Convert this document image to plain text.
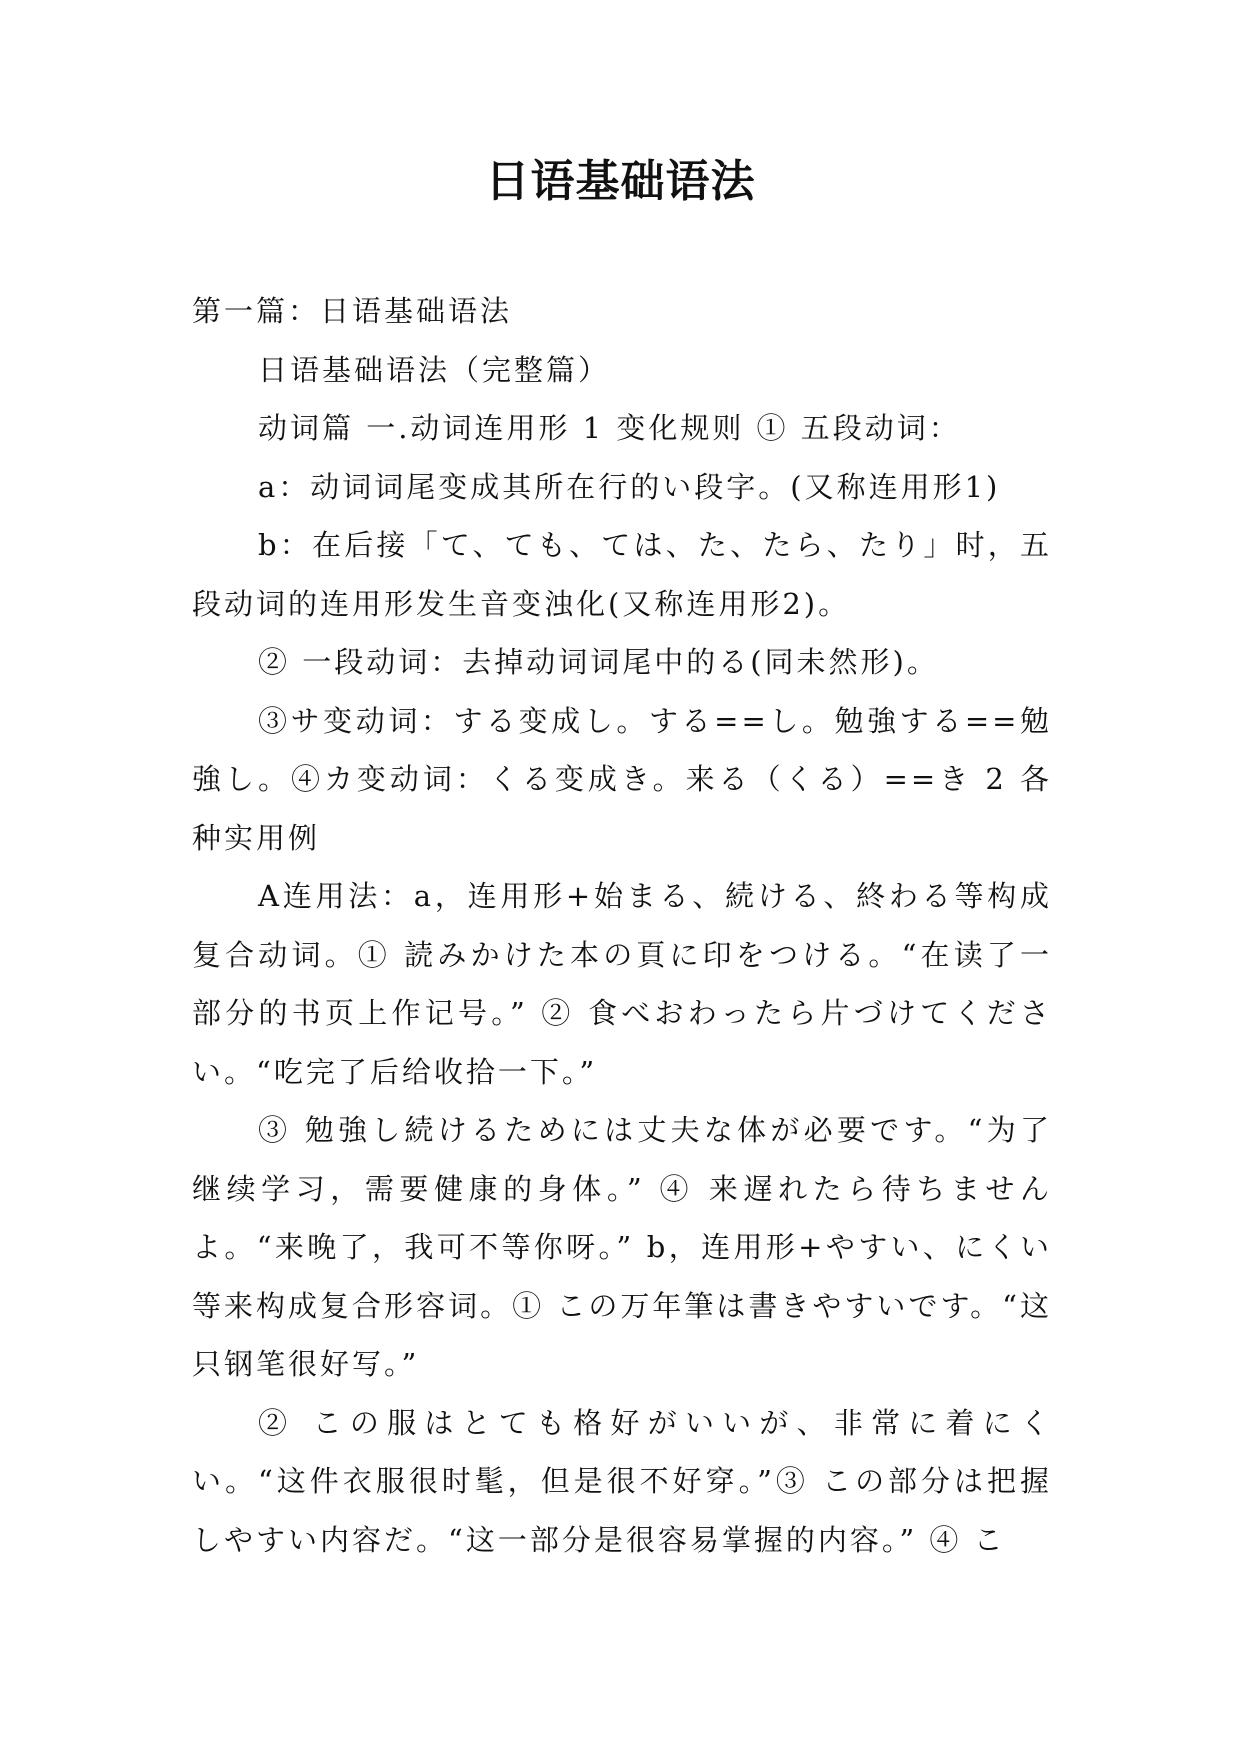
日语基础语法

第一篇：日语基础语法

日语基础语法（完整篇）

动词篇 一.动词连用形 1 变化规则 ① 五段动词：

a：动词词尾变成其所在行的い段字。(又称连用形1)

b：在后接「て、ても、ては、た、たら、たり」时，五段动词的连用形发生音变浊化(又称连用形2)。

② 一段动词：去掉动词词尾中的る(同未然形)。

③サ变动词：する变成し。する==し。勉強する==勉強し。④カ变动词：くる变成き。来る（くる）==き 2 各种实用例

A连用法：a，连用形+始まる、続ける、終わる等构成复合动词。① 読みかけた本の頁に印をつける。“在读了一部分的书页上作记号。” ② 食べおわったら片づけてください。“吃完了后给收拾一下。”

③ 勉強し続けるためには丈夫な体が必要です。“为了继续学习，需要健康的身体。” ④ 来遅れたら待ちませんよ。“来晚了，我可不等你呀。” b，连用形+やすい、にくい等来构成复合形容词。① この万年筆は書きやすいです。“这只钢笔很好写。”

② この服はとても格好がいいが、非常に着にくい。“这件衣服很时髦，但是很不好穿。”③ この部分は把握しやすい内容だ。“这一部分是很容易掌握的内容。” ④ こ
